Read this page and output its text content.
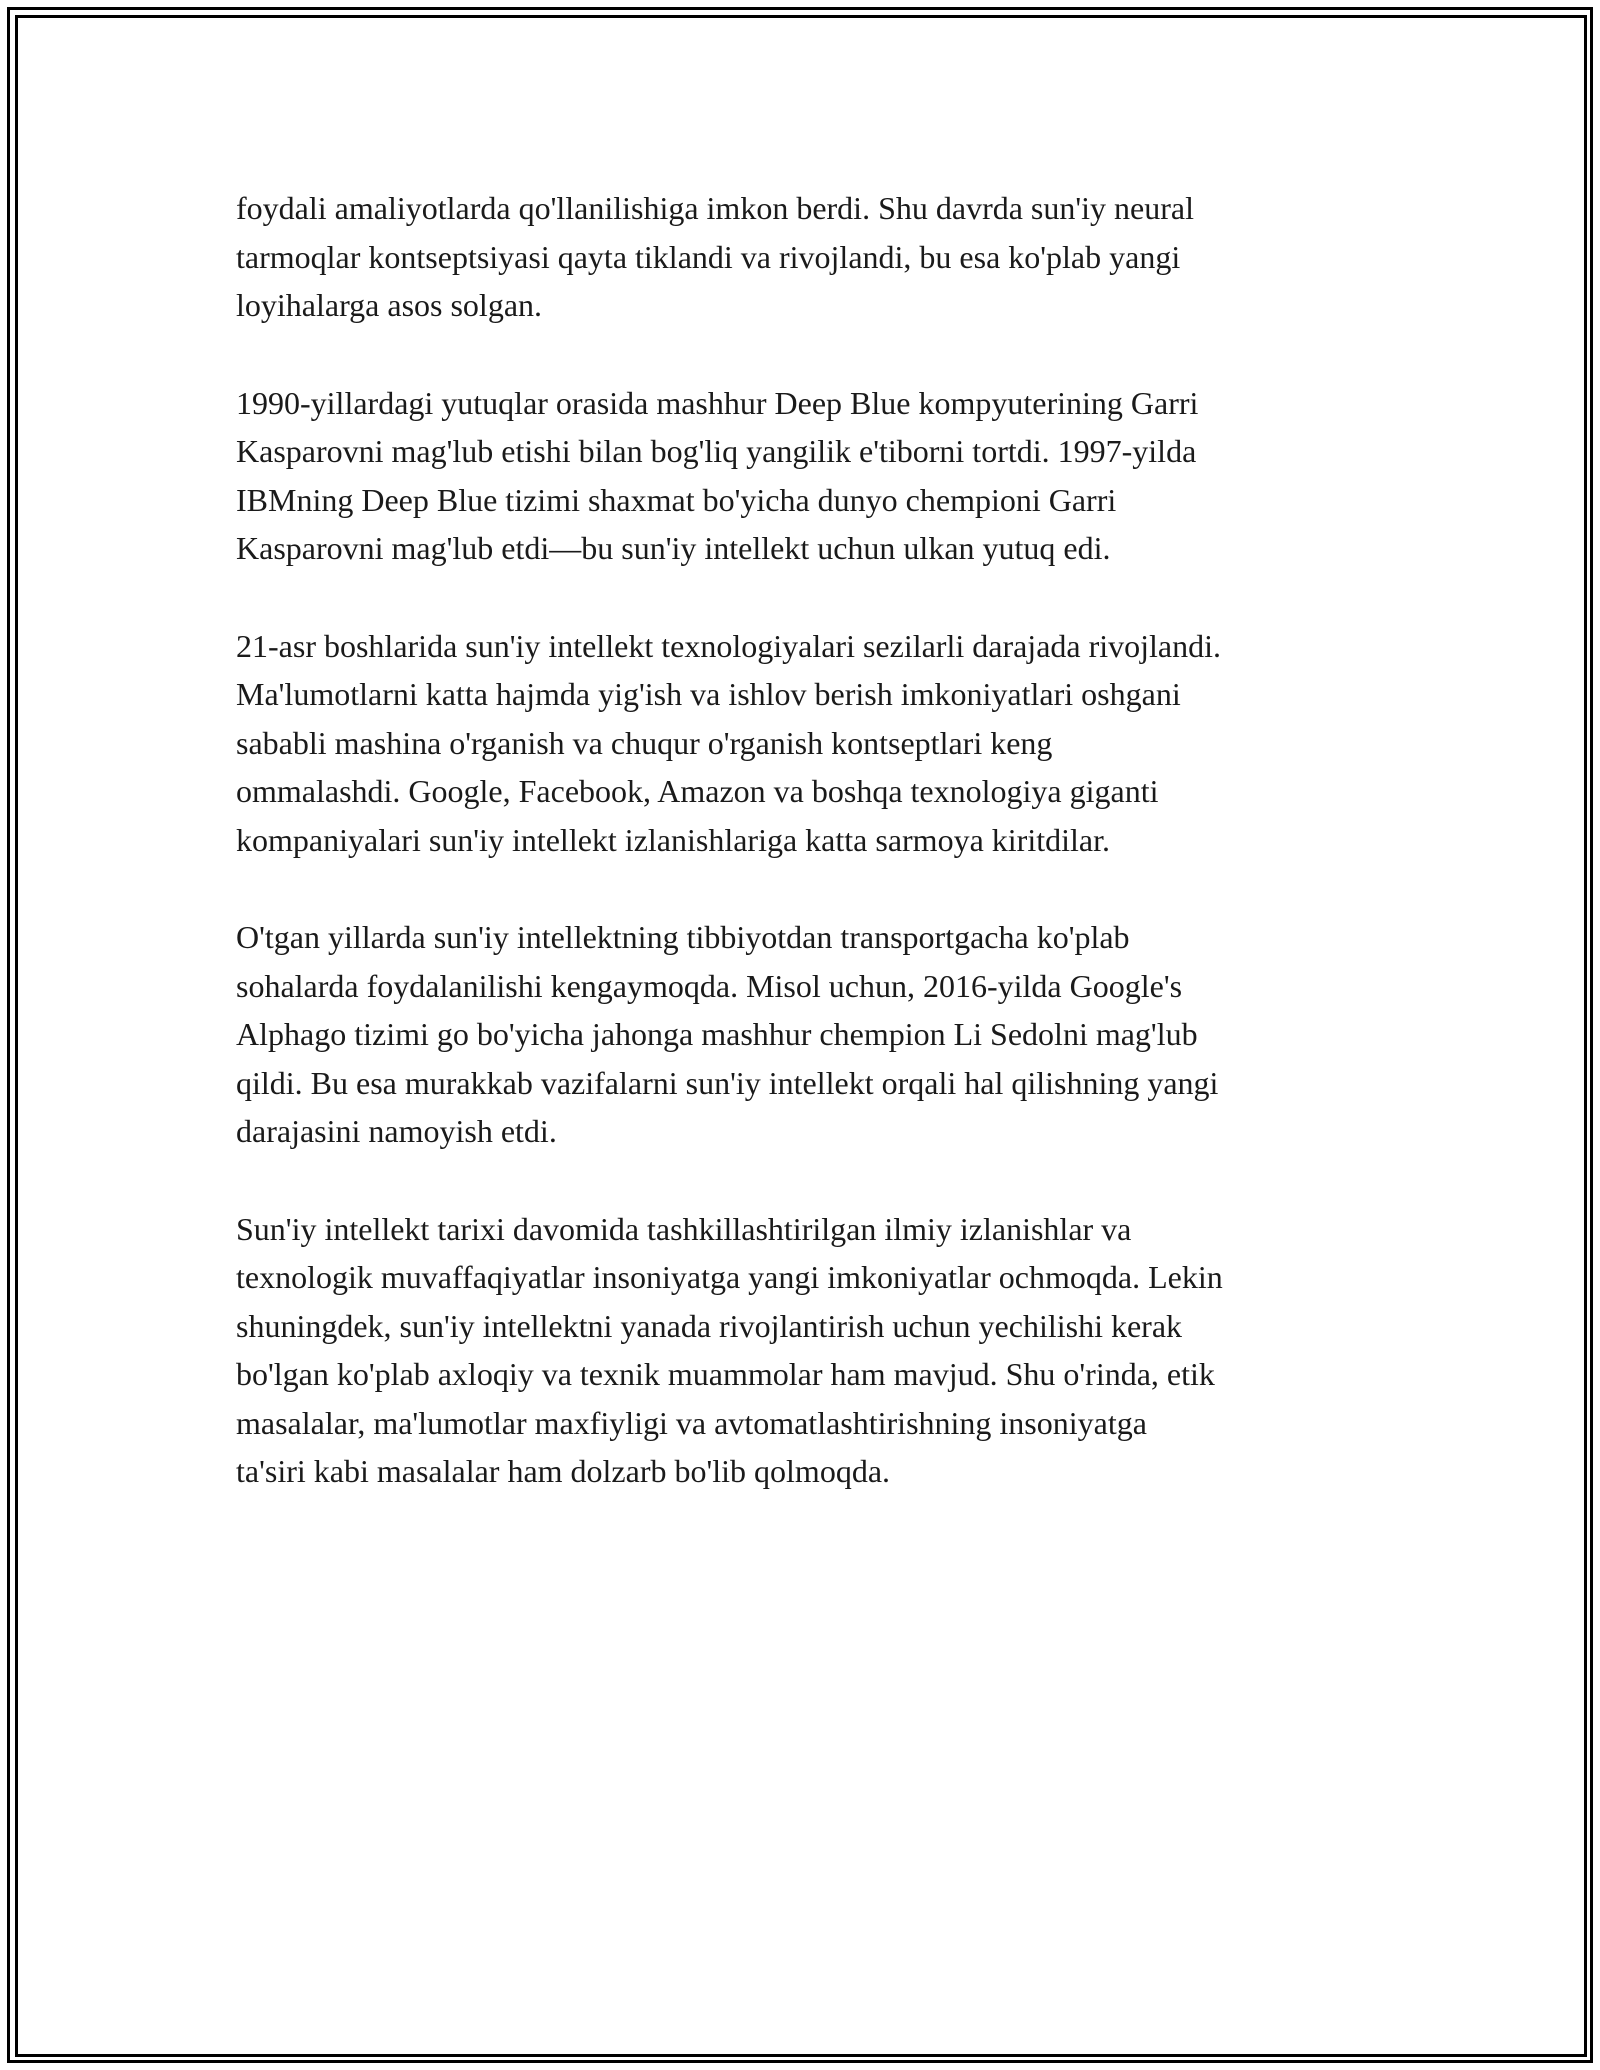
foydali amaliyotlarda qo'llanilishiga imkon berdi. Shu davrda sun'iy neural
tarmoqlar kontseptsiyasi qayta tiklandi va rivojlandi, bu esa ko'plab yangi
loyihalarga asos solgan.

1990-yillardagi yutuqlar orasida mashhur Deep Blue kompyuterining Garri
Kasparovni mag'lub etishi bilan bog'liq yangilik e'tiborni tortdi. 1997-yilda
IBMning Deep Blue tizimi shaxmat bo'yicha dunyo chempioni Garri
Kasparovni mag'lub etdi—bu sun'iy intellekt uchun ulkan yutuq edi.

21-asr boshlarida sun'iy intellekt texnologiyalari sezilarli darajada rivojlandi.
Ma'lumotlarni katta hajmda yig'ish va ishlov berish imkoniyatlari oshgani
sababli mashina o'rganish va chuqur o'rganish kontseptlari keng
ommalashdi. Google, Facebook, Amazon va boshqa texnologiya giganti
kompaniyalari sun'iy intellekt izlanishlariga katta sarmoya kiritdilar.

O'tgan yillarda sun'iy intellektning tibbiyotdan transportgacha ko'plab
sohalarda foydalanilishi kengaymoqda. Misol uchun, 2016-yilda Google's
Alphago tizimi go bo'yicha jahonga mashhur chempion Li Sedolni mag'lub
qildi. Bu esa murakkab vazifalarni sun'iy intellekt orqali hal qilishning yangi
darajasini namoyish etdi.

Sun'iy intellekt tarixi davomida tashkillashtirilgan ilmiy izlanishlar va
texnologik muvaffaqiyatlar insoniyatga yangi imkoniyatlar ochmoqda. Lekin
shuningdek, sun'iy intellektni yanada rivojlantirish uchun yechilishi kerak
bo'lgan ko'plab axloqiy va texnik muammolar ham mavjud. Shu o'rinda, etik
masalalar, ma'lumotlar maxfiyligi va avtomatlashtirishning insoniyatga
ta'siri kabi masalalar ham dolzarb bo'lib qolmoqda.
